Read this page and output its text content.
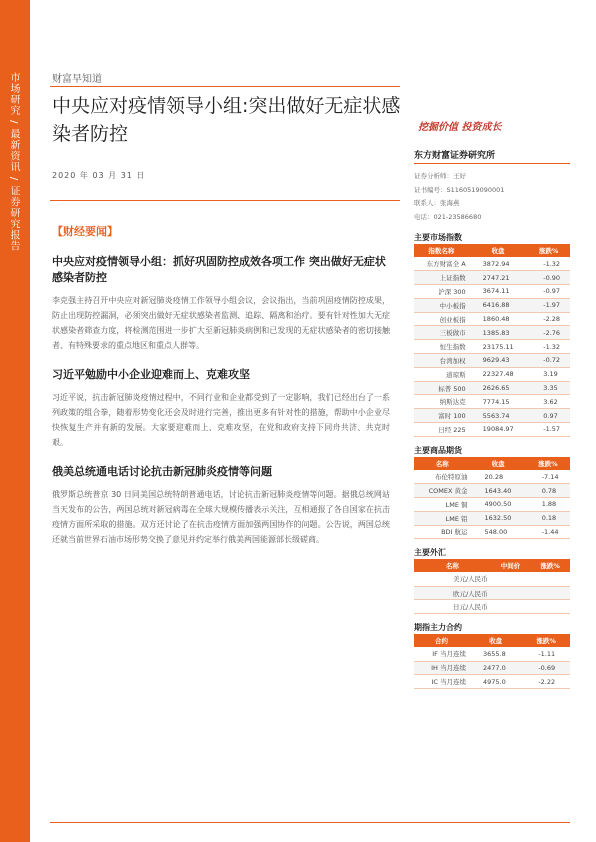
市场研究 / 最新资讯 / 证券研究报告	财富早知道
中央应对疫情领导小组:突出做好无症状感染者防控	挖掘价值 投资成长
2020 年 03 月 31 日
【财经要闻】
中央应对疫情领导小组：抓好巩固防控成效各项工作 突出做好无症状感染者防控
李克强主持召开中央应对新冠肺炎疫情工作领导小组会议，会议指出，当前巩固疫情防控成果，防止出现防控漏洞，必须突出做好无症状感染者监测、追踪、隔离和治疗。要有针对性加大无症状感染者筛查力度，将检测范围进一步扩大至新冠肺炎病例和已发现的无症状感染者的密切接触者、有特殊要求的重点地区和重点人群等。
习近平勉励中小企业迎难而上、克难攻坚
习近平说，抗击新冠肺炎疫情过程中，不同行业和企业都受到了一定影响，我们已经出台了一系列政策的组合拳，随着形势变化还会及时进行完善，推出更多有针对性的措施，帮助中小企业尽快恢复生产并有新的发展。大家要迎难而上、克难攻坚，在党和政府支持下同舟共济、共克时艰。
俄美总统通电话讨论抗击新冠肺炎疫情等问题
俄罗斯总统普京 30 日同美国总统特朗普通电话，讨论抗击新冠肺炎疫情等问题。据俄总统网站当天发布的公告，两国总统对新冠病毒在全球大规模传播表示关注，互相通报了各自国家在抗击疫情方面所采取的措施。双方还讨论了在抗击疫情方面加强两国协作的问题。公告说，两国总统还就当前世界石油市场形势交换了意见并约定举行俄美两国能源部长级磋商。
东方财富证券研究所
证券分析师：王好
证书编号：S1160519090001
联系人：张海燕
电话：021-23586680
主要市场指数
指数名称	收盘	涨跌%
东方财富全 A	3872.94	-1.32
上证指数	2747.21	-0.90
沪深 300	3674.11	-0.97
中小板指	6416.88	-1.97
创业板指	1860.48	-2.28
三板做市	1385.83	-2.76
恒生指数	23175.11	-1.32
台湾加权	9629.43	-0.72
道琼斯	22327.48	3.19
标普 500	2626.65	3.35
纳斯达克	7774.15	3.62
富时 100	5563.74	0.97
日经 225	19084.97	-1.57
主要商品期货
名称	收盘	涨跌%
布伦特原油	20.28	-7.14
COMEX 黄金	1643.40	0.78
LME 铜	4900.50	1.88
LME 铝	1632.50	0.18
BDI 航运	548.00	-1.44
主要外汇
名称	中间价	涨跌%
美元/人民币		
欧元/人民币		
日元/人民币		
期指主力合约
合约	收盘	涨跌%
IF 当月连续	3655.8	-1.11
IH 当月连续	2477.0	-0.69
IC 当月连续	4975.0	-2.22
